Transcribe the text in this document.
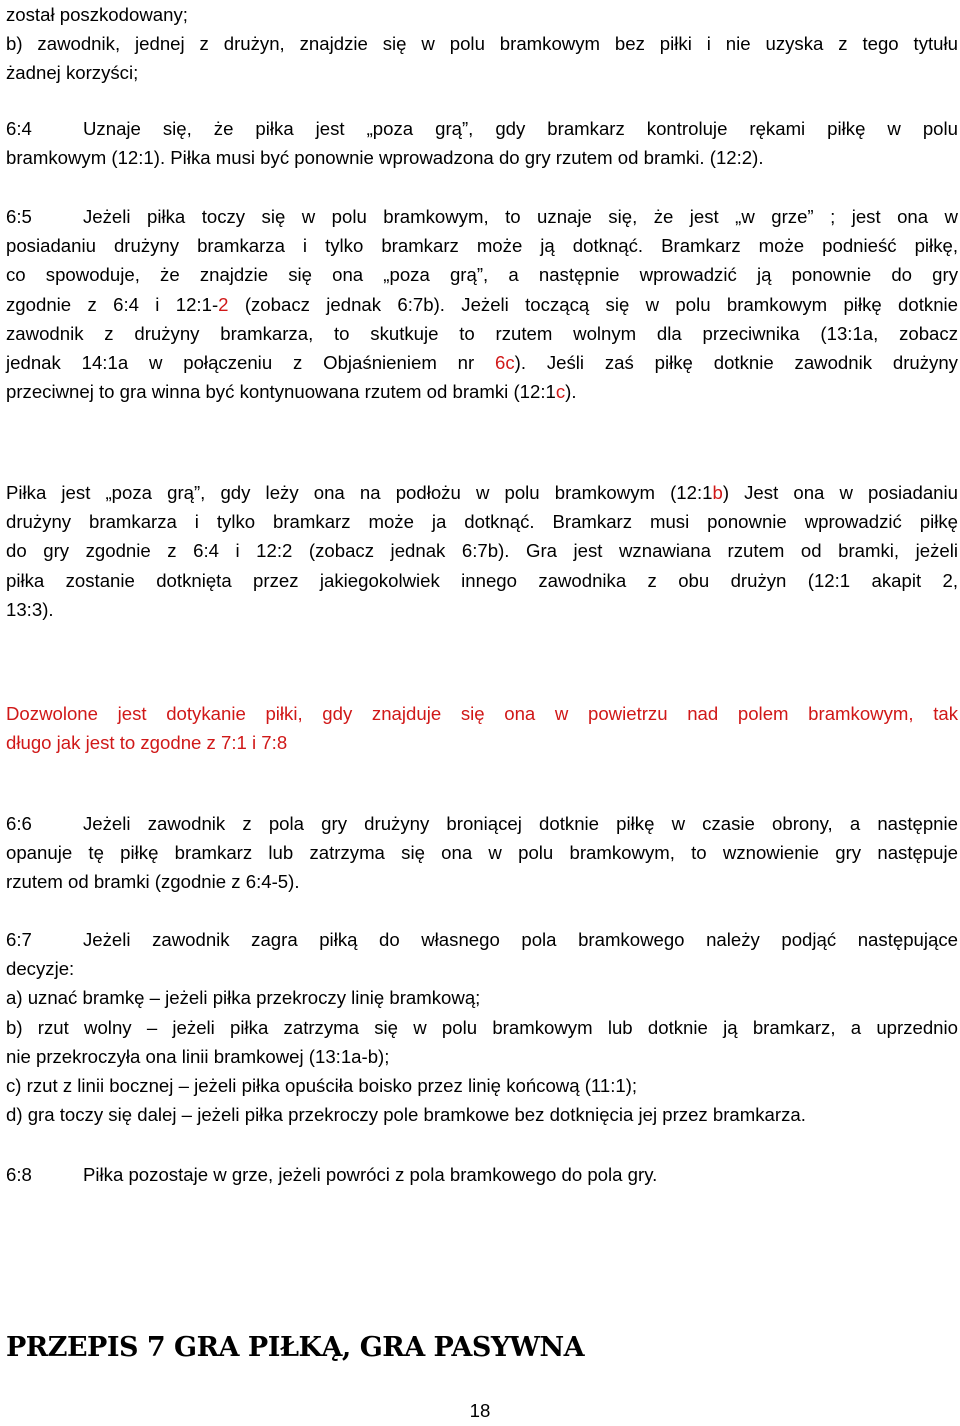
został poszkodowany;
b) zawodnik, jednej z drużyn, znajdzie się w polu bramkowym bez piłki i nie uzyska z tego tytułu
żadnej korzyści;
6:4	Uznaje się, że piłka jest „poza grą”, gdy bramkarz kontroluje rękami piłkę w polu
bramkowym (12:1). Piłka musi być ponownie wprowadzona do gry rzutem od bramki. (12:2).
6:5	Jeżeli piłka toczy się w polu bramkowym, to uznaje się, że jest „w grze” ; jest ona w
posiadaniu drużyny bramkarza i tylko bramkarz może ją dotknąć. Bramkarz może podnieść piłkę,
co spowoduje, że znajdzie się ona „poza grą”, a następnie wprowadzić ją ponownie do gry
zgodnie z 6:4 i 12:1-2 (zobacz jednak 6:7b). Jeżeli toczącą się w polu bramkowym piłkę dotknie
zawodnik z drużyny bramkarza, to skutkuje to rzutem wolnym dla przeciwnika (13:1a, zobacz
jednak 14:1a w połączeniu z Objaśnieniem nr 6c). Jeśli zaś piłkę dotknie zawodnik drużyny
przeciwnej to gra winna być kontynuowana rzutem od bramki (12:1c).
Piłka jest „poza grą”, gdy leży ona na podłożu w polu bramkowym (12:1b) Jest ona w posiadaniu
drużyny bramkarza i tylko bramkarz może ja dotknąć. Bramkarz musi ponownie wprowadzić piłkę
do gry zgodnie z 6:4 i 12:2 (zobacz jednak 6:7b). Gra jest wznawiana rzutem od bramki, jeżeli
piłka zostanie dotknięta przez jakiegokolwiek innego zawodnika z obu drużyn (12:1 akapit 2,
13:3).
Dozwolone jest dotykanie piłki, gdy znajduje się ona w powietrzu nad polem bramkowym, tak
długo jak jest to zgodne z 7:1 i 7:8
6:6	Jeżeli zawodnik z pola gry drużyny broniącej dotknie piłkę w czasie obrony, a następnie
opanuje tę piłkę bramkarz lub zatrzyma się ona w polu bramkowym, to wznowienie gry następuje
rzutem od bramki (zgodnie z 6:4-5).
6:7	Jeżeli zawodnik zagra piłką do własnego pola bramkowego należy podjąć następujące
decyzje:
a) uznać bramkę – jeżeli piłka przekroczy linię bramkową;
b) rzut wolny – jeżeli piłka zatrzyma się w polu bramkowym lub dotknie ją bramkarz, a uprzednio
nie przekroczyła ona linii bramkowej (13:1a-b);
c) rzut z linii bocznej – jeżeli piłka opuściła boisko przez linię końcową (11:1);
d) gra toczy się dalej – jeżeli piłka przekroczy pole bramkowe bez dotknięcia jej przez bramkarza.
6:8	Piłka pozostaje w grze, jeżeli powróci z pola bramkowego do pola gry.
PRZEPIS 7 GRA PIŁKĄ, GRA PASYWNA
18
